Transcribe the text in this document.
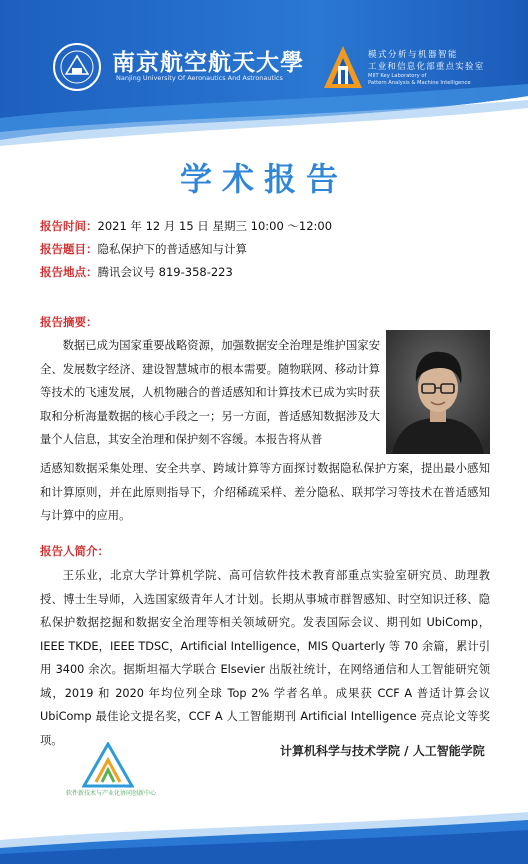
南京航空航天大學
Nanjing University Of Aeronautics And Astronautics
模式分析与机器智能
工业和信息化部重点实验室
MIIT Key Laboratory of
Pattern Analysis & Machine Intelligence
学术报告
报告时间：2021 年 12 月 15 日 星期三 10:00 ～12:00
报告题目：隐私保护下的普适感知与计算
报告地点：腾讯会议号 819-358-223
报告摘要：
数据已成为国家重要战略资源，加强数据安全治理是维护国家安全、发展数字经济、建设智慧城市的根本需要。随物联网、移动计算等技术的飞速发展，人机物融合的普适感知和计算技术已成为实时获取和分析海量数据的核心手段之一；另一方面，普适感知数据涉及大量个人信息，其安全治理和保护刻不容缓。本报告将从普
适感知数据采集处理、安全共享、跨域计算等方面探讨数据隐私保护方案，提出最小感知和计算原则，并在此原则指导下，介绍稀疏采样、差分隐私、联邦学习等技术在普适感知与计算中的应用。
报告人简介：
王乐业，北京大学计算机学院、高可信软件技术教育部重点实验室研究员、助理教授、博士生导师，入选国家级青年人才计划。长期从事城市群智感知、时空知识迁移、隐私保护数据挖掘和数据安全治理等相关领域研究。发表国际会议、期刊如 UbiComp，IEEE TKDE，IEEE TDSC，Artificial Intelligence，MIS Quarterly 等 70 余篇，累计引用 3400 余次。据斯坦福大学联合 Elsevier 出版社统计，在网络通信和人工智能研究领域，2019 和 2020 年均位列全球 Top 2% 学者名单。成果获 CCF A 普适计算会议 UbiComp 最佳论文提名奖，CCF A 人工智能期刊 Artificial Intelligence 亮点论文等奖项。
软件新技术与产业化协同创新中心
计算机科学与技术学院 / 人工智能学院
